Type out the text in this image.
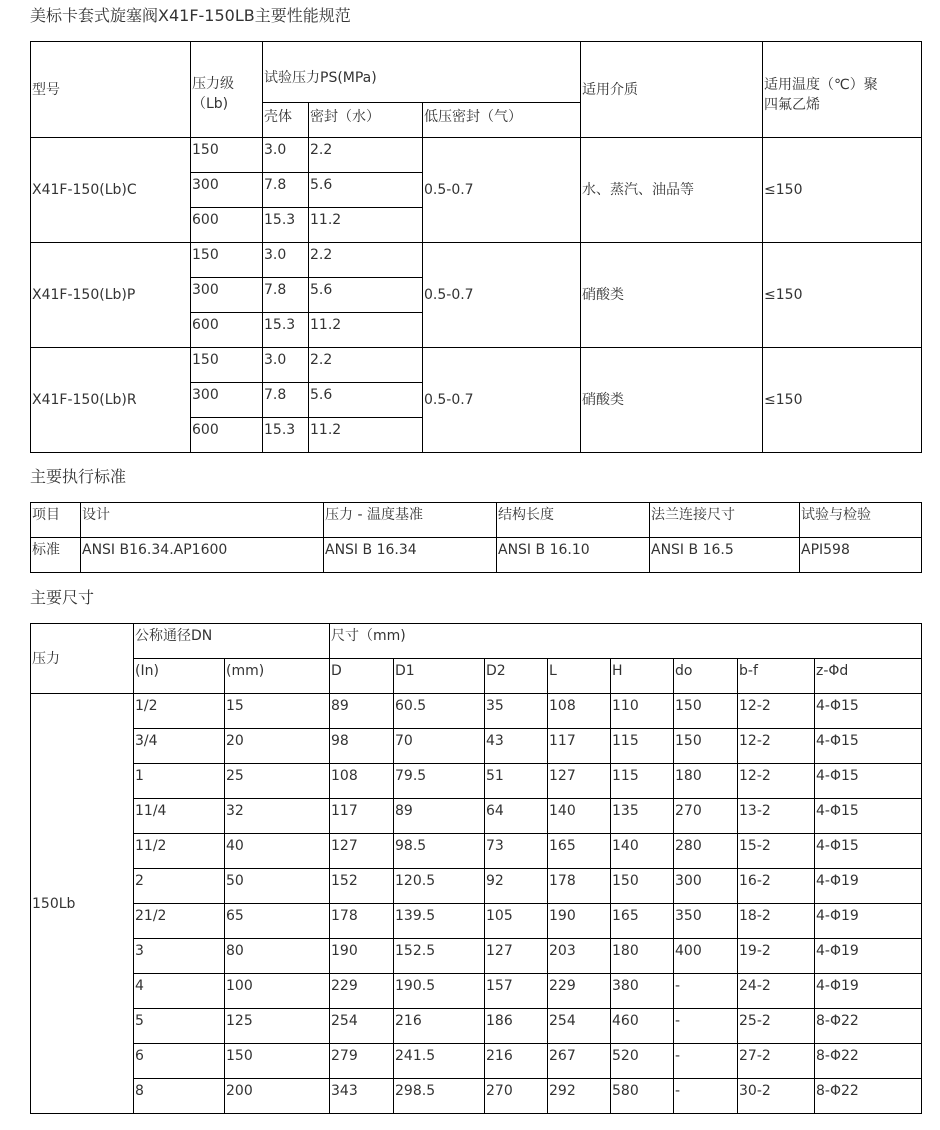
美标卡套式旋塞阀X41F-150LB主要性能规范
型号	压力级（Lb)	试验压力PS(MPa)			适用介质	适用温度（℃）聚四氟乙烯
		壳体	密封（水）	低压密封（气）		
X41F-150(Lb)C	150	3.0	2.2	0.5-0.7	水、蒸汽、油品等	≤150
	300	7.8	5.6			
	600	15.3	11.2			
X41F-150(Lb)P	150	3.0	2.2	0.5-0.7	硝酸类	≤150
	300	7.8	5.6			
	600	15.3	11.2			
X41F-150(Lb)R	150	3.0	2.2	0.5-0.7	硝酸类	≤150
	300	7.8	5.6			
	600	15.3	11.2			
主要执行标准
项目	设计	压力 - 温度基准	结构长度	法兰连接尺寸	试验与检验
标准	ANSI B16.34.AP1600	ANSI B 16.34	ANSI B 16.10	ANSI B 16.5	API598
主要尺寸
压力	公称通径DN		尺寸（mm)							
	(In)	(mm)	D	D1	D2	L	H	do	b-f	z-Φd
150Lb	1/2	15	89	60.5	35	108	110	150	12-2	4-Φ15
	3/4	20	98	70	43	117	115	150	12-2	4-Φ15
	1	25	108	79.5	51	127	115	180	12-2	4-Φ15
	11/4	32	117	89	64	140	135	270	13-2	4-Φ15
	11/2	40	127	98.5	73	165	140	280	15-2	4-Φ15
	2	50	152	120.5	92	178	150	300	16-2	4-Φ19
	21/2	65	178	139.5	105	190	165	350	18-2	4-Φ19
	3	80	190	152.5	127	203	180	400	19-2	4-Φ19
	4	100	229	190.5	157	229	380	-	24-2	4-Φ19
	5	125	254	216	186	254	460	-	25-2	8-Φ22
	6	150	279	241.5	216	267	520	-	27-2	8-Φ22
	8	200	343	298.5	270	292	580	-	30-2	8-Φ22
